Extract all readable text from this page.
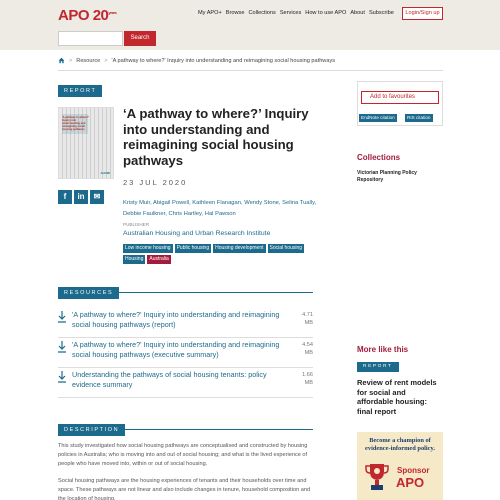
APO $20^{years}$	My APO+ Browse Collections Services How to use APO About Subscribe	Login/Sign up
Search
> Resource > 'A pathway to where?' Inquiry into understanding and reimagining social housing pathways
REPORT
'A pathway to where?' Inquiry into understanding and reimagining social housing pathways
AHURI
‘A pathway to where?’ Inquiry into understanding and reimagining social housing pathways
23 JUL 2020
f	in	✉
Kristy Muir, Abigail Powell, Kathleen Flanagan, Wendy Stone, Selina Tually, Debbie Faulkner, Chris Hartley, Hal Pawson
PUBLISHER
Australian Housing and Urban Research Institute
Low income housing	Public housing	Housing development	Social housing
Housing	Australia
RESOURCES
'A pathway to where?' Inquiry into understanding and reimagining social housing pathways (report)
4.71
MB
'A pathway to where?' Inquiry into understanding and reimagining social housing pathways (executive summary)
4.54
MB
Understanding the pathways of social housing tenants: policy evidence summary
1.66
MB
DESCRIPTION
This study investigated how social housing pathways are conceptualised and constructed by housing policies in Australia; who is moving into and out of social housing; and what is the lived experience of people who have moved into, within or out of social housing.
Social housing pathways are the housing experiences of tenants and their households over time and space. These pathways are not linear and also include changes in tenure, household composition and the location of housing.
Add to favourites
EndNote citation	RIS citation
Collections
Victorian Planning Policy Repository
More like this
REPORT
Review of rent models for social and affordable housing: final report
Become a champion of evidence-informed policy.
Sponsor
APO
